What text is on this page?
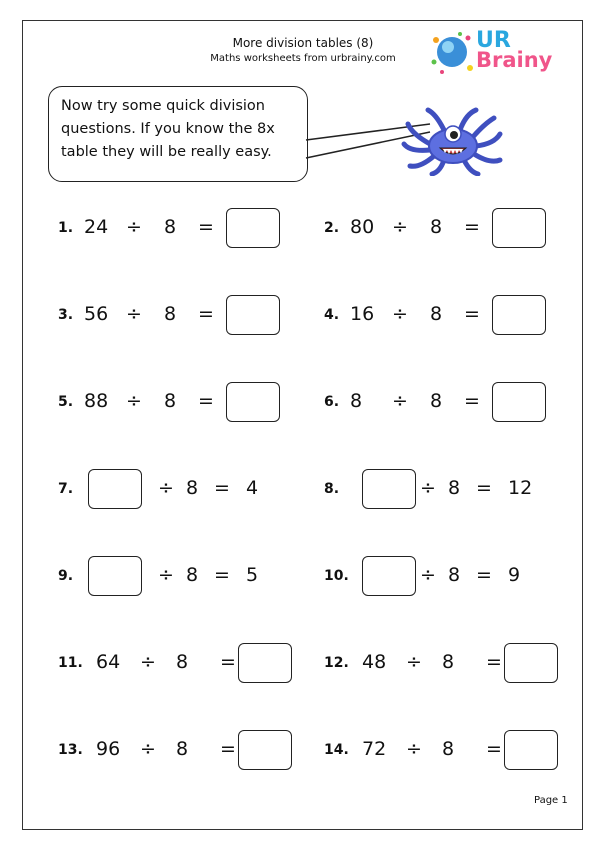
More division tables (8)
Maths worksheets from urbrainy.com
UR
Brainy
Now try some quick division
questions. If you know the 8x
table they will be really easy.
1. 24 ÷ 8 =	2. 80 ÷ 8 =
3. 56 ÷ 8 =	4. 16 ÷ 8 =
5. 88 ÷ 8 =	6. 8 ÷ 8 =
7.	÷ 8 = 4	8.	÷ 8 = 12
9.	÷ 8 = 5	10.	÷ 8 = 9
11. 64 ÷ 8 =	12. 48 ÷ 8 =
13. 96 ÷ 8 =	14. 72 ÷ 8 =
Page 1
